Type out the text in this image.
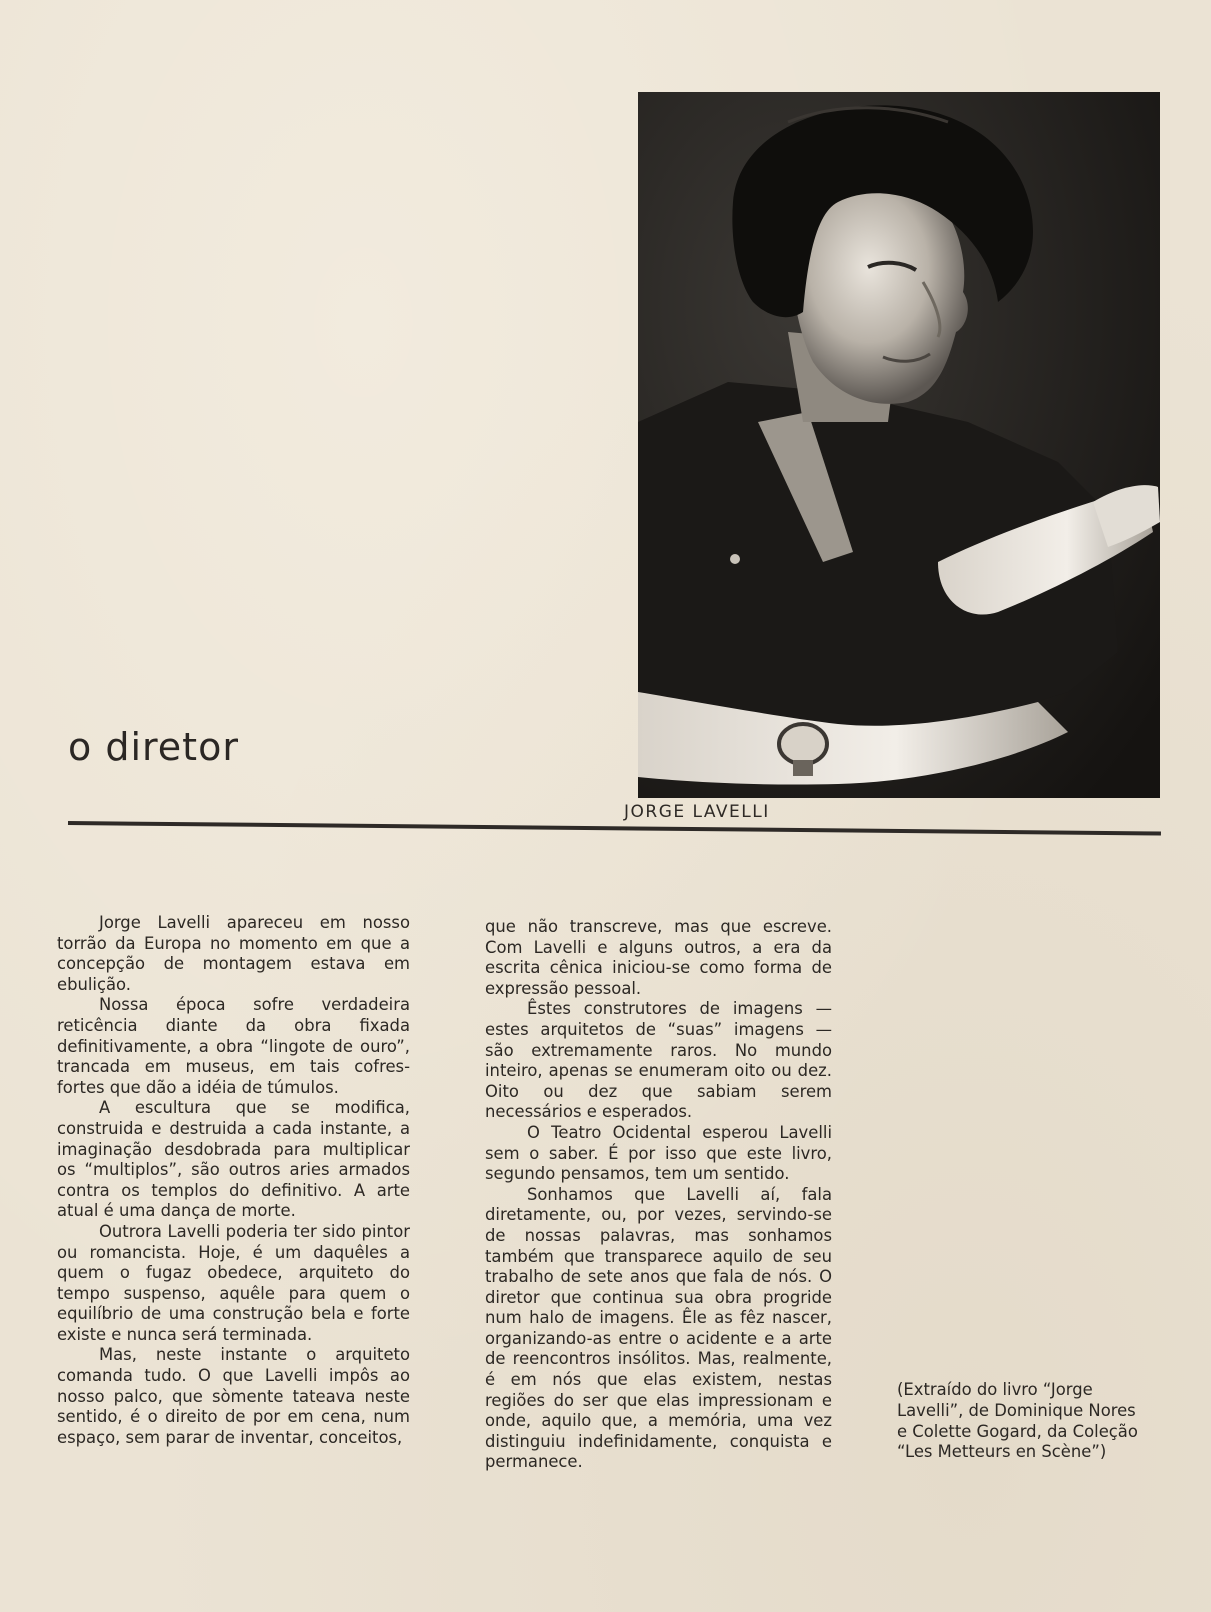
o diretor
JORGE LAVELLI

Jorge Lavelli apareceu em nosso torrão da Europa no momento em que a concepção de montagem estava em ebulição.

Nossa época sofre verdadeira reticência diante da obra fixada definitivamente, a obra “lingote de ouro”, trancada em museus, em tais cofres-fortes que dão a idéia de túmulos.

A escultura que se modifica, construida e destruida a cada instante, a imaginação desdobrada para multiplicar os “multiplos”, são outros aries armados contra os templos do definitivo. A arte atual é uma dança de morte.

Outrora Lavelli poderia ter sido pintor ou romancista. Hoje, é um daquêles a quem o fugaz obedece, arquiteto do tempo suspenso, aquêle para quem o equilíbrio de uma construção bela e forte existe e nunca será terminada.

Mas, neste instante o arquiteto comanda tudo. O que Lavelli impôs ao nosso palco, que sòmente tateava neste sentido, é o direito de por em cena, num espaço, sem parar de inventar, conceitos,

que não transcreve, mas que escreve. Com Lavelli e alguns outros, a era da escrita cênica iniciou-se como forma de expressão pessoal.

Êstes construtores de imagens — estes arquitetos de “suas” imagens — são extremamente raros. No mundo inteiro, apenas se enumeram oito ou dez. Oito ou dez que sabiam serem necessários e esperados.

O Teatro Ocidental esperou Lavelli sem o saber. É por isso que este livro, segundo pensamos, tem um sentido.

Sonhamos que Lavelli aí, fala diretamente, ou, por vezes, servindo-se de nossas palavras, mas sonhamos também que transparece aquilo de seu trabalho de sete anos que fala de nós. O diretor que continua sua obra progride num halo de imagens. Êle as fêz nascer, organizando-as entre o acidente e a arte de reencontros insólitos. Mas, realmente, é em nós que elas existem, nestas regiões do ser que elas impressionam e onde, aquilo que, a memória, uma vez distinguiu indefinidamente, conquista e permanece.

(Extraído do livro “Jorge Lavelli”, de Dominique Nores e Colette Gogard, da Coleção “Les Metteurs en Scène”)
